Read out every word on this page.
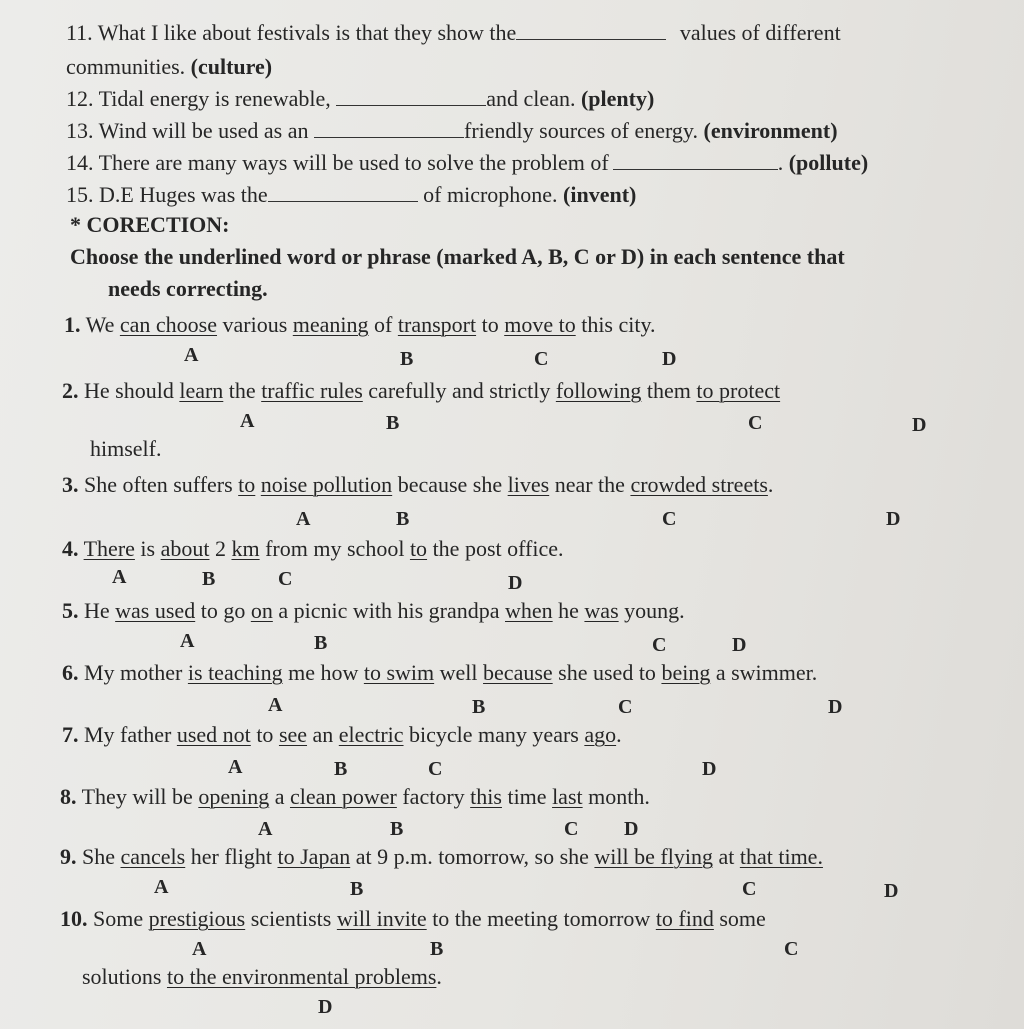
11. What I like about festivals is that they show the	values of different
communities. (culture)
12. Tidal energy is renewable,	and clean. (plenty)
13. Wind will be used as an	friendly sources of energy. (environment)
14. There are many ways will be used to solve the problem of	. (pollute)
15. D.E Huges was the	of microphone. (invent)
* CORECTION:
Choose the underlined word or phrase (marked A, B, C or D) in each sentence that
needs correcting.
1. We can choose various meaning of transport to move to this city.
A	B	C	D
2. He should learn the traffic rules carefully and strictly following them to protect
A	B	C	D
himself.
3. She often suffers to noise pollution because she lives near the crowded streets.
A	B	C	D
4. There is about 2 km from my school to the post office.
A	B	C	D
5. He was used to go on a picnic with his grandpa when he was young.
A	B	C	D
6. My mother is teaching me how to swim well because she used to being a swimmer.
A	B	C	D
7. My father used not to see an electric bicycle many years ago.
A	B	C	D
8. They will be opening a clean power factory this time last month.
A	B	C D
9. She cancels her flight to Japan at 9 p.m. tomorrow, so she will be flying at that time.
A	B	C	D
10. Some prestigious scientists will invite to the meeting tomorrow to find some
A	B	C
solutions to the environmental problems.
D
